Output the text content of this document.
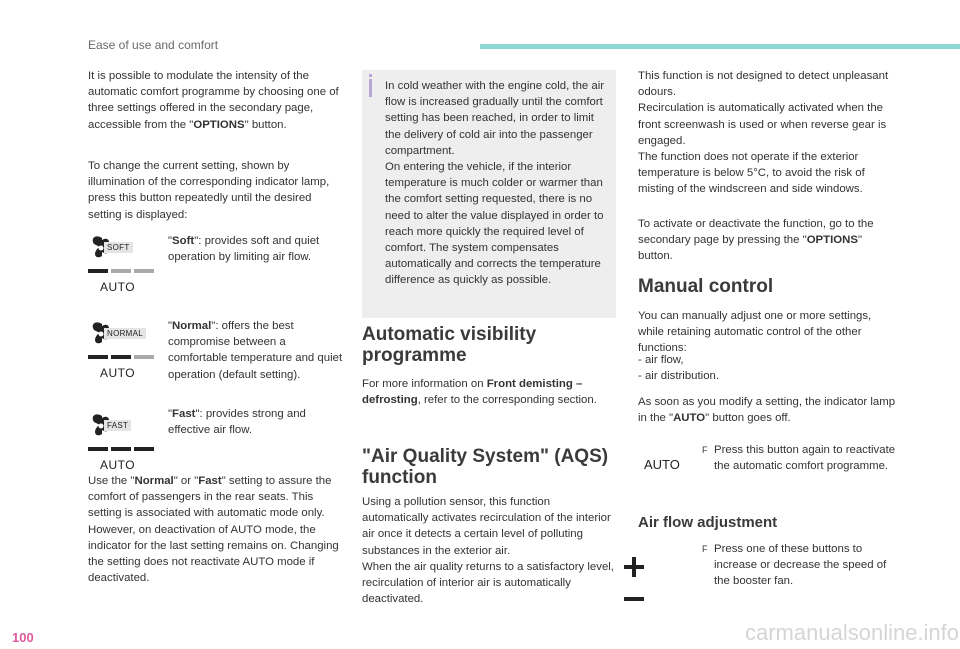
Ease of use and comfort
It is possible to modulate the intensity of the automatic comfort programme by choosing one of three settings offered in the secondary page, accessible from the "OPTIONS" button.
To change the current setting, shown by illumination of the corresponding indicator lamp, press this button repeatedly until the desired setting is displayed:
SOFT
AUTO
"Soft": provides soft and quiet operation by limiting air flow.
NORMAL
AUTO
"Normal": offers the best compromise between a comfortable temperature and quiet operation (default setting).
FAST
AUTO
"Fast": provides strong and effective air flow.
Use the "Normal" or "Fast" setting to assure the comfort of passengers in the rear seats. This setting is associated with automatic mode only. However, on deactivation of AUTO mode, the indicator for the last setting remains on. Changing the setting does not reactivate AUTO mode if deactivated.
In cold weather with the engine cold, the air flow is increased gradually until the comfort setting has been reached, in order to limit the delivery of cold air into the passenger compartment.
On entering the vehicle, if the interior temperature is much colder or warmer than the comfort setting requested, there is no need to alter the value displayed in order to reach more quickly the required level of comfort. The system compensates automatically and corrects the temperature difference as quickly as possible.
Automatic visibility programme
For more information on Front demisting – defrosting, refer to the corresponding section.
"Air Quality System" (AQS) function
Using a pollution sensor, this function automatically activates recirculation of the interior air once it detects a certain level of polluting substances in the exterior air.
When the air quality returns to a satisfactory level, recirculation of interior air is automatically deactivated.
This function is not designed to detect unpleasant odours.
Recirculation is automatically activated when the front screenwash is used or when reverse gear is engaged.
The function does not operate if the exterior temperature is below 5°C, to avoid the risk of misting of the windscreen and side windows.
To activate or deactivate the function, go to the secondary page by pressing the "OPTIONS" button.
Manual control
You can manually adjust one or more settings, while retaining automatic control of the other functions:
- air flow,
- air distribution.
As soon as you modify a setting, the indicator lamp in the "AUTO" button goes off.
AUTO
F Press this button again to reactivate the automatic comfort programme.
Air flow adjustment
F Press one of these buttons to increase or decrease the speed of the booster fan.
100	carmanualsonline.info
